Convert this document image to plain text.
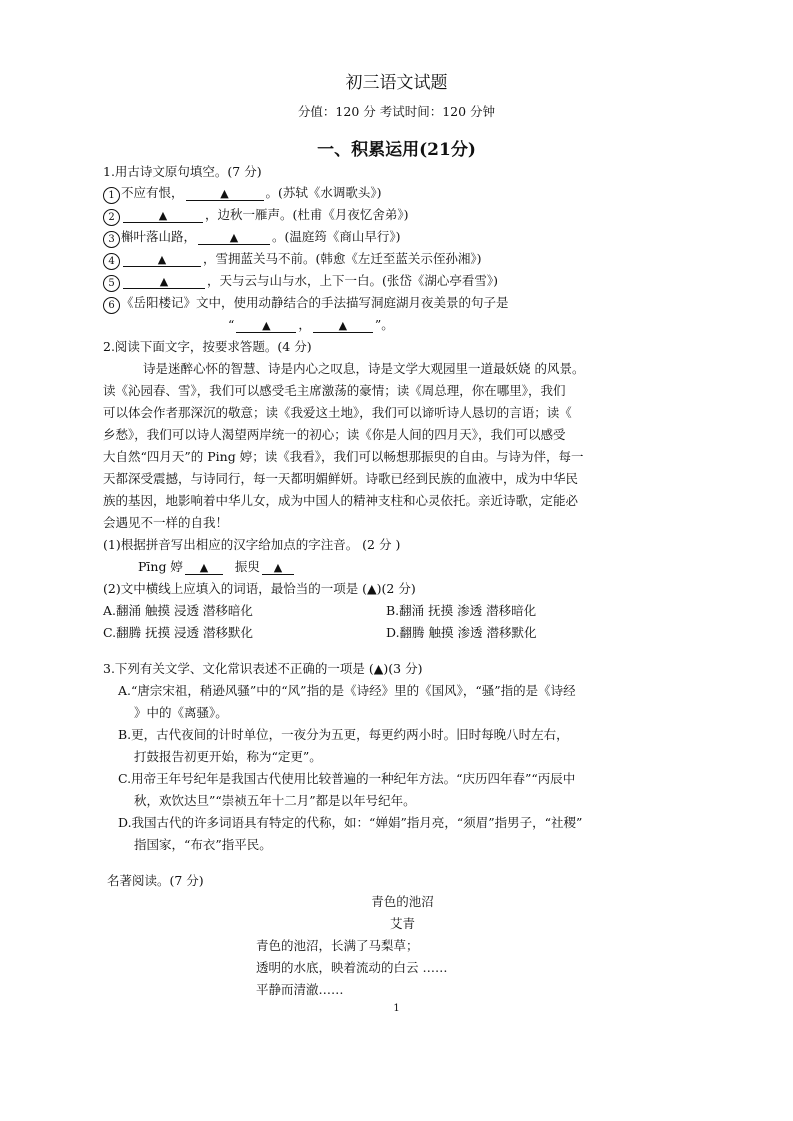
初三语文试题
分值：120 分 考试时间：120 分钟
一、积累运用(21分)
1.用古诗文原句填空。(7 分)
1 不应有恨，	▲	。(苏轼《水调歌头》)
2	▲	，边秋一雁声。(杜甫《月夜忆舍弟》)
3 槲叶落山路，	▲	。(温庭筠《商山早行》)
4	▲	，雪拥蓝关马不前。(韩愈《左迁至蓝关示侄孙湘》)
5	▲	，天与云与山与水，上下一白。(张岱《湖心亭看雪》)
6 《岳阳楼记》文中，使用动静结合的手法描写洞庭湖月夜美景的句子是
“	▲ ，	▲ ”。
2.阅读下面文字，按要求答题。(4 分)
诗是迷醉心怀的智慧、诗是内心之叹息，诗是文学大观园里一道最妖娆 的风景。
读《沁园春、雪》，我们可以感受毛主席激荡的豪情；读《周总理，你在哪里》，我们
可以体会作者那深沉的敬意；读《我爱这土地》，我们可以谛听诗人恳切的言语；读《
乡愁》，我们可以诗人渴望两岸统一的初心；读《你是人间的四月天》，我们可以感受
大自然“四月天”的 Ping 婷；读《我看》，我们可以畅想那振臾的自由。与诗为伴，每一
天都深受震撼，与诗同行，每一天都明媚鲜妍。诗歌已经到民族的血液中，成为中华民
族的基因，地影响着中华儿女，成为中国人的精神支柱和心灵依托。亲近诗歌，定能必
会遇见不一样的自我！
(1)根据拼音写出相应的汉字给加点的字注音。 (2 分 )
Pīng 婷 ▲ 振臾 ▲
(2)文中横线上应填入的词语，最恰当的一项是 (▲)(2 分)
A.翻涌 触摸 浸透 潜移暗化	B.翻涌 抚摸 渗透 潜移暗化
C.翻腾 抚摸 浸透 潜移默化	D.翻腾 触摸 渗透 潜移默化
3.下列有关文学、文化常识表述不正确的一项是 (▲)(3 分)
A.“唐宗宋祖，稍逊风骚”中的“风”指的是《诗经》里的《国风》，“骚”指的是《诗经
》中的《离骚》。
B.更，古代夜间的计时单位，一夜分为五更，每更约两小时。旧时每晚八时左右，
打鼓报告初更开始，称为“定更”。
C.用帝王年号纪年是我国古代使用比较普遍的一种纪年方法。“庆历四年春”“丙辰中
秋，欢饮达旦”“崇祯五年十二月”都是以年号纪年。
D.我国古代的许多词语具有特定的代称，如：“婵娟”指月亮，“须眉”指男子，“社稷”
指国家，“布衣”指平民。
名著阅读。(7 分)
青色的池沼
艾青
青色的池沼，长满了马梨草；
透明的水底，映着流动的白云 ……
平静而清澈……
1
